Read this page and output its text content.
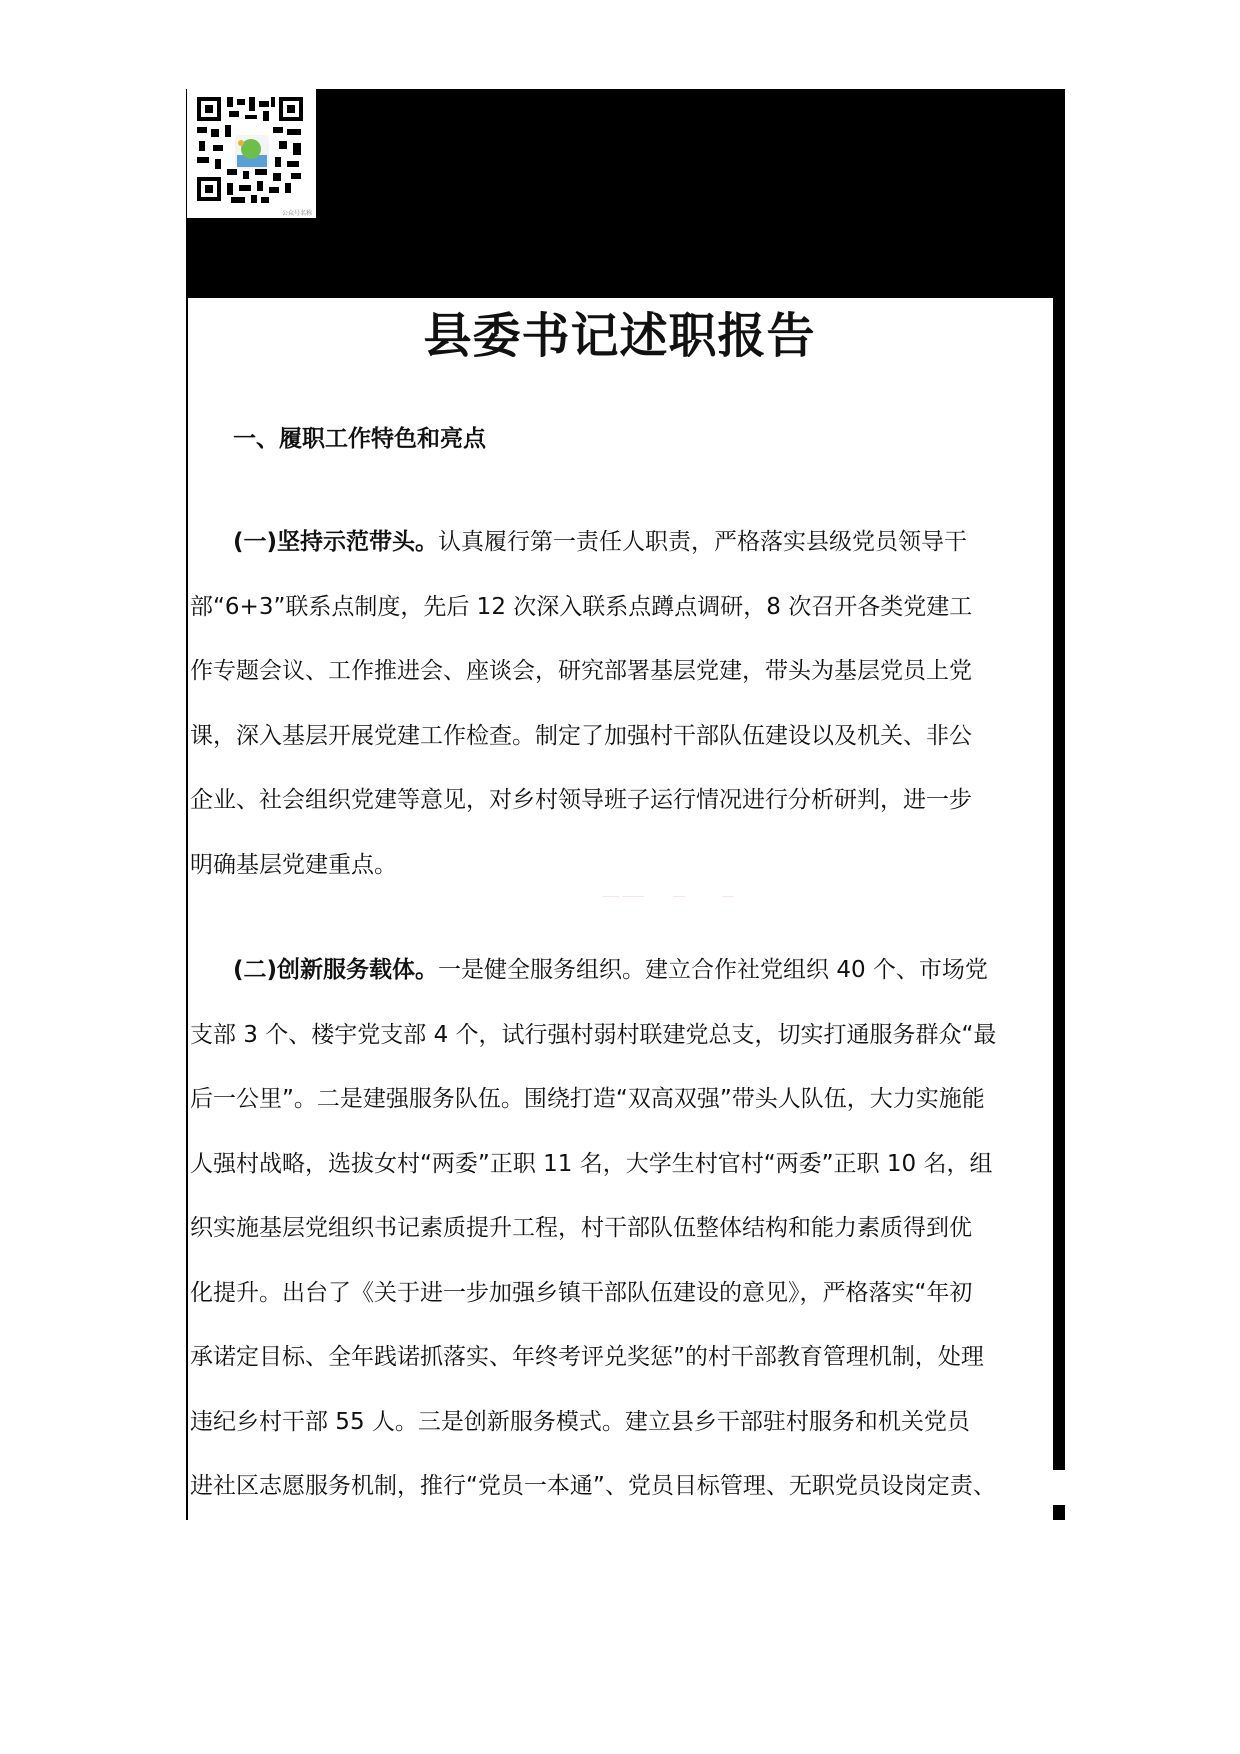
公众号名称
县委书记述职报告
一、履职工作特色和亮点
(一)坚持示范带头。认真履行第一责任人职责，严格落实县级党员领导干
部“6+3”联系点制度，先后 12 次深入联系点蹲点调研，8 次召开各类党建工
作专题会议、工作推进会、座谈会，研究部署基层党建，带头为基层党员上党
课，深入基层开展党建工作检查。制定了加强村干部队伍建设以及机关、非公
企业、社会组织党建等意见，对乡村领导班子运行情况进行分析研判，进一步
明确基层党建重点。
(二)创新服务载体。一是健全服务组织。建立合作社党组织 40 个、市场党
支部 3 个、楼宇党支部 4 个，试行强村弱村联建党总支，切实打通服务群众“最
后一公里”。二是建强服务队伍。围绕打造“双高双强”带头人队伍，大力实施能
人强村战略，选拔女村“两委”正职 11 名，大学生村官村“两委”正职 10 名，组
织实施基层党组织书记素质提升工程，村干部队伍整体结构和能力素质得到优
化提升。出台了《关于进一步加强乡镇干部队伍建设的意见》，严格落实“年初
承诺定目标、全年践诺抓落实、年终考评兑奖惩”的村干部教育管理机制，处理
违纪乡村干部 55 人。三是创新服务模式。建立县乡干部驻村服务和机关党员
进社区志愿服务机制，推行“党员一本通”、党员目标管理、无职党员设岗定责、
